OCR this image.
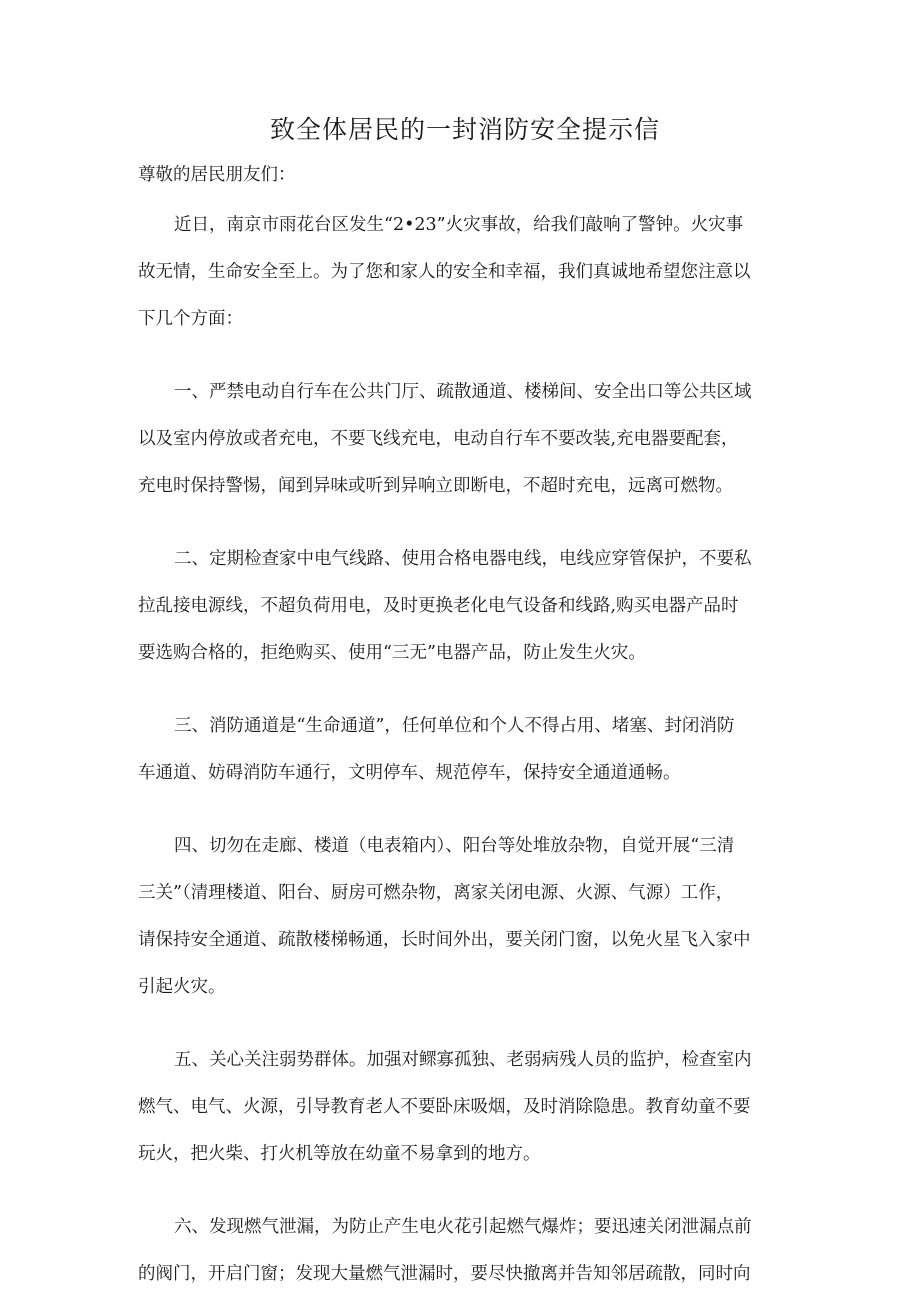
致全体居民的一封消防安全提示信

尊敬的居民朋友们：

近日，南京市雨花台区发生“2•23”火灾事故，给我们敲响了警钟。火灾事
故无情，生命安全至上。为了您和家人的安全和幸福，我们真诚地希望您注意以
下几个方面：
一、严禁电动自行车在公共门厅、疏散通道、楼梯间、安全出口等公共区域
以及室内停放或者充电，不要飞线充电，电动自行车不要改装,充电器要配套，
充电时保持警惕，闻到异味或听到异响立即断电，不超时充电，远离可燃物。
二、定期检查家中电气线路、使用合格电器电线，电线应穿管保护，不要私
拉乱接电源线，不超负荷用电，及时更换老化电气设备和线路,购买电器产品时
要选购合格的，拒绝购买、使用“三无”电器产品，防止发生火灾。
三、消防通道是“生命通道”，任何单位和个人不得占用、堵塞、封闭消防
车通道、妨碍消防车通行，文明停车、规范停车，保持安全通道通畅。
四、切勿在走廊、楼道（电表箱内）、阳台等处堆放杂物，自觉开展“三清
三关”（清理楼道、阳台、厨房可燃杂物，离家关闭电源、火源、气源）工作，
请保持安全通道、疏散楼梯畅通，长时间外出，要关闭门窗，以免火星飞入家中
引起火灾。
五、关心关注弱势群体。加强对鳏寡孤独、老弱病残人员的监护，检查室内
燃气、电气、火源，引导教育老人不要卧床吸烟，及时消除隐患。教育幼童不要
玩火，把火柴、打火机等放在幼童不易拿到的地方。
六、发现燃气泄漏，为防止产生电火花引起燃气爆炸；要迅速关闭泄漏点前
的阀门，开启门窗；发现大量燃气泄漏时，要尽快撤离并告知邻居疏散，同时向
